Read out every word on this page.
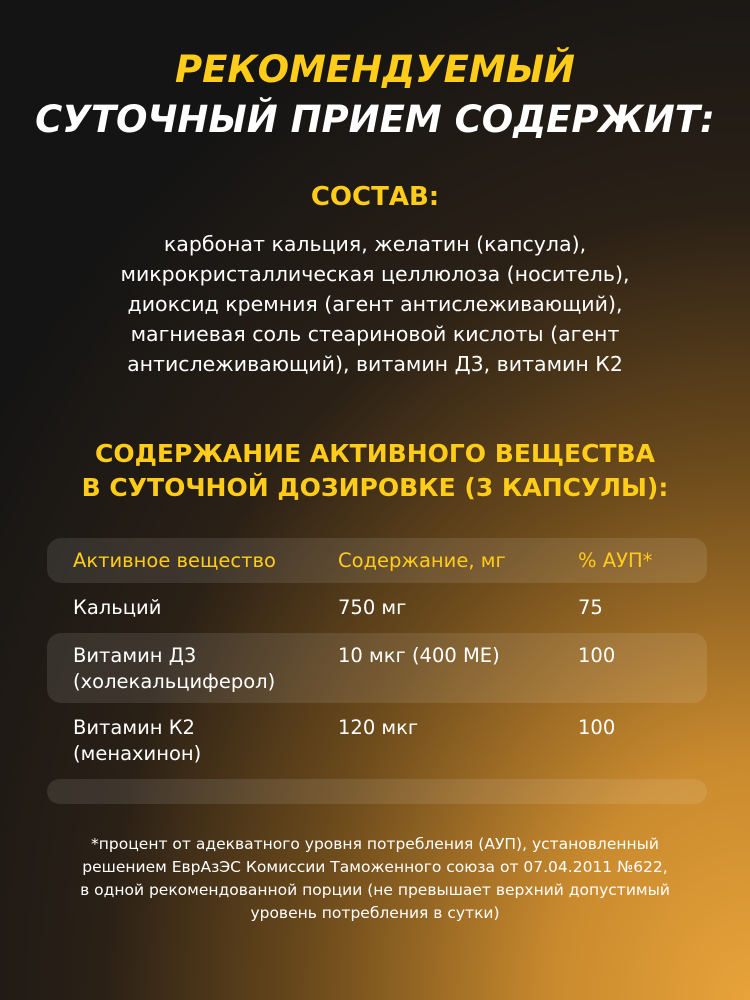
РЕКОМЕНДУЕМЫЙ
СУТОЧНЫЙ ПРИЕМ СОДЕРЖИТ:
СОСТАВ:
карбонат кальция, желатин (капсула),
микрокристаллическая целлюлоза (носитель),
диоксид кремния (агент антислеживающий),
магниевая соль стеариновой кислоты (агент
антислеживающий), витамин Д3, витамин К2
СОДЕРЖАНИЕ АКТИВНОГО ВЕЩЕСТВА
В СУТОЧНОЙ ДОЗИРОВКЕ (3 КАПСУЛЫ):
Активное вещество	Содержание, мг	% АУП*
Кальций	750 мг	75
Витамин Д3
(холекальциферол)
10 мкг (400 МЕ)	100
Витамин К2
(менахинон)
120 мкг	100
*процент от адекватного уровня потребления (АУП), установленный
решением ЕврАзЭС Комиссии Таможенного союза от 07.04.2011 №622,
в одной рекомендованной порции (не превышает верхний допустимый
уровень потребления в сутки)
